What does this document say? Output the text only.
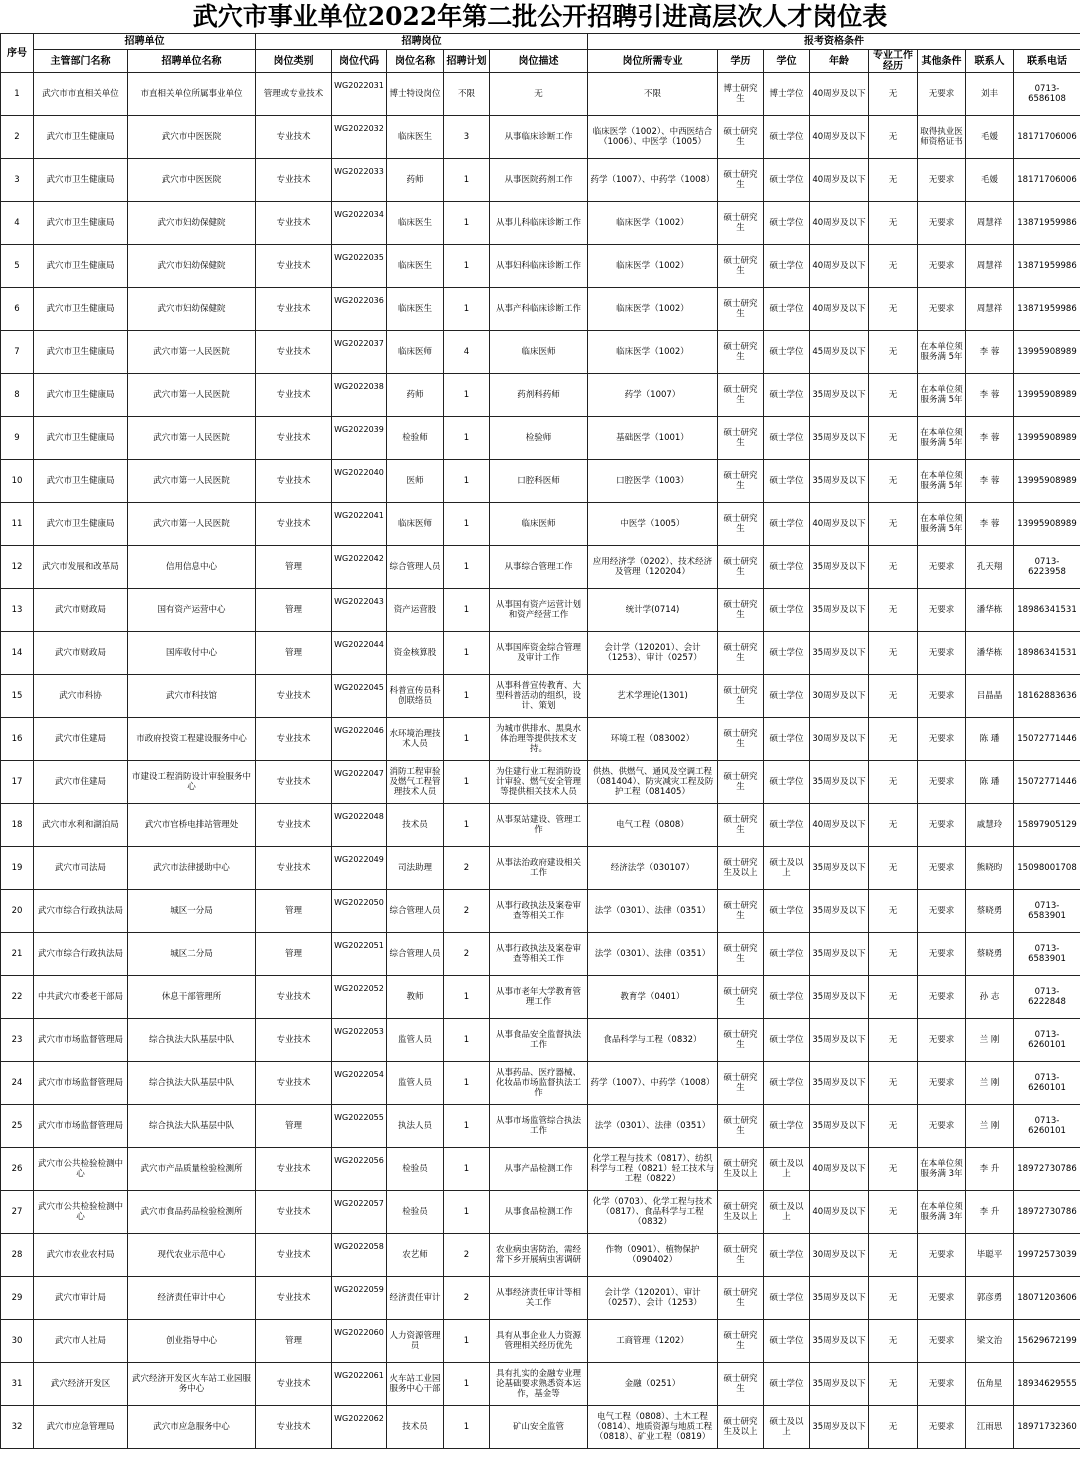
武穴市事业单位2022年第二批公开招聘引进高层次人才岗位表
序号	招聘单位		招聘岗位					报考资格条件							
	主管部门名称	招聘单位名称	岗位类别	岗位代码	岗位名称	招聘计划	岗位描述	岗位所需专业	学历	学位	年龄	专业工作经历	其他条件	联系人	联系电话
1	武穴市市直相关单位	市直相关单位所属事业单位	管理或专业技术	WG2022031	博士特设岗位	不限	无	不限	博士研究生	博士学位	40周岁及以下	无	无要求	刘丰	0713-6586108
2	武穴市卫生健康局	武穴市中医医院	专业技术	WG2022032	临床医生	3	从事临床诊断工作	临床医学（1002）、中西医结合（1006）、中医学（1005）	硕士研究生	硕士学位	40周岁及以下	无	取得执业医师资格证书	毛媛	18171706006
3	武穴市卫生健康局	武穴市中医医院	专业技术	WG2022033	药师	1	从事医院药剂工作	药学（1007）、中药学（1008）	硕士研究生	硕士学位	40周岁及以下	无	无要求	毛媛	18171706006
4	武穴市卫生健康局	武穴市妇幼保健院	专业技术	WG2022034	临床医生	1	从事儿科临床诊断工作	临床医学（1002）	硕士研究生	硕士学位	40周岁及以下	无	无要求	周慧祥	13871959986
5	武穴市卫生健康局	武穴市妇幼保健院	专业技术	WG2022035	临床医生	1	从事妇科临床诊断工作	临床医学（1002）	硕士研究生	硕士学位	40周岁及以下	无	无要求	周慧祥	13871959986
6	武穴市卫生健康局	武穴市妇幼保健院	专业技术	WG2022036	临床医生	1	从事产科临床诊断工作	临床医学（1002）	硕士研究生	硕士学位	40周岁及以下	无	无要求	周慧祥	13871959986
7	武穴市卫生健康局	武穴市第一人民医院	专业技术	WG2022037	临床医师	4	临床医师	临床医学（1002）	硕士研究生	硕士学位	45周岁及以下	无	在本单位须服务满 5年	李 蓉	13995908989
8	武穴市卫生健康局	武穴市第一人民医院	专业技术	WG2022038	药师	1	药剂科药师	药学（1007）	硕士研究生	硕士学位	35周岁及以下	无	在本单位须服务满 5年	李 蓉	13995908989
9	武穴市卫生健康局	武穴市第一人民医院	专业技术	WG2022039	检验师	1	检验师	基础医学（1001）	硕士研究生	硕士学位	35周岁及以下	无	在本单位须服务满 5年	李 蓉	13995908989
10	武穴市卫生健康局	武穴市第一人民医院	专业技术	WG2022040	医师	1	口腔科医师	口腔医学（1003）	硕士研究生	硕士学位	35周岁及以下	无	在本单位须服务满 5年	李 蓉	13995908989
11	武穴市卫生健康局	武穴市第一人民医院	专业技术	WG2022041	临床医师	1	临床医师	中医学（1005）	硕士研究生	硕士学位	40周岁及以下	无	在本单位须服务满 5年	李 蓉	13995908989
12	武穴市发展和改革局	信用信息中心	管理	WG2022042	综合管理人员	1	从事综合管理工作	应用经济学（0202）、技术经济及管理（120204）	硕士研究生	硕士学位	35周岁及以下	无	无要求	孔天翔	0713-6223958
13	武穴市财政局	国有资产运营中心	管理	WG2022043	资产运营股	1	从事国有资产运营计划和资产经营工作	统计学(0714)	硕士研究生	硕士学位	35周岁及以下	无	无要求	潘华栋	18986341531
14	武穴市财政局	国库收付中心	管理	WG2022044	资金核算股	1	从事国库资金综合管理及审计工作	会计学（120201）、会计（1253）、审计（0257）	硕士研究生	硕士学位	35周岁及以下	无	无要求	潘华栋	18986341531
15	武穴市科协	武穴市科技馆	专业技术	WG2022045	科普宣传员科创联络员	1	从事科普宣传教育、大型科普活动的组织，设计、策划	艺术学理论(1301)	硕士研究生	硕士学位	30周岁及以下	无	无要求	吕晶晶	18162883636
16	武穴市住建局	市政府投资工程建设服务中心	专业技术	WG2022046	水环境治理技术人员	1	为城市供排水、黑臭水体治理等提供技术支持。	环境工程（083002）	硕士研究生	硕士学位	30周岁及以下	无	无要求	陈 璠	15072771446
17	武穴市住建局	市建设工程消防设计审验服务中心	专业技术	WG2022047	消防工程审验及燃气工程管理技术人员	1	为住建行业工程消防设计审验、燃气安全管理等提供相关技术人员	供热、供燃气、通风及空调工程（081404）、防灾减灾工程及防护工程（081405）	硕士研究生	硕士学位	35周岁及以下	无	无要求	陈 璠	15072771446
18	武穴市水利和湖泊局	武穴市官桥电排站管理处	专业技术	WG2022048	技术员	1	从事泵站建设、管理工作	电气工程（0808）	硕士研究生	硕士学位	40周岁及以下	无	无要求	戚慧玲	15897905129
19	武穴市司法局	武穴市法律援助中心	专业技术	WG2022049	司法助理	2	从事法治政府建设相关工作	经济法学（030107）	硕士研究生及以上	硕士及以上	35周岁及以下	无	无要求	熊晓昀	15098001708
20	武穴市综合行政执法局	城区一分局	管理	WG2022050	综合管理人员	2	从事行政执法及案卷审查等相关工作	法学（0301）、法律（0351）	硕士研究生	硕士学位	35周岁及以下	无	无要求	蔡晓勇	0713-6583901
21	武穴市综合行政执法局	城区二分局	管理	WG2022051	综合管理人员	2	从事行政执法及案卷审查等相关工作	法学（0301）、法律（0351）	硕士研究生	硕士学位	35周岁及以下	无	无要求	蔡晓勇	0713-6583901
22	中共武穴市委老干部局	休息干部管理所	专业技术	WG2022052	教师	1	从事市老年大学教育管理工作	教育学（0401）	硕士研究生	硕士学位	35周岁及以下	无	无要求	孙 志	0713-6222848
23	武穴市市场监督管理局	综合执法大队基层中队	专业技术	WG2022053	监管人员	1	从事食品安全监督执法工作	食品科学与工程（0832）	硕士研究生	硕士学位	35周岁及以下	无	无要求	兰 刚	0713-6260101
24	武穴市市场监督管理局	综合执法大队基层中队	专业技术	WG2022054	监管人员	1	从事药品、医疗器械、化妆品市场监督执法工作	药学（1007）、中药学（1008）	硕士研究生	硕士学位	35周岁及以下	无	无要求	兰 刚	0713-6260101
25	武穴市市场监督管理局	综合执法大队基层中队	管理	WG2022055	执法人员	1	从事市场监管综合执法工作	法学（0301）、法律（0351）	硕士研究生	硕士学位	35周岁及以下	无	无要求	兰 刚	0713-6260101
26	武穴市公共检验检测中心	武穴市产品质量检验检测所	专业技术	WG2022056	检验员	1	从事产品检测工作	化学工程与技术（0817）、纺织科学与工程（0821）轻工技术与工程（0822）	硕士研究生及以上	硕士及以上	40周岁及以下	无	在本单位须服务满 3年	李 升	18972730786
27	武穴市公共检验检测中心	武穴市食品药品检验检测所	专业技术	WG2022057	检验员	1	从事食品检测工作	化学（0703）、化学工程与技术（0817）、食品科学与工程（0832）	硕士研究生及以上	硕士及以上	40周岁及以下	无	在本单位须服务满 3年	李 升	18972730786
28	武穴市农业农村局	现代农业示范中心	专业技术	WG2022058	农艺师	2	农业病虫害防治，需经常下乡开展病虫害调研	作物（0901）、植物保护（090402）	硕士研究生	硕士学位	30周岁及以下	无	无要求	毕聪平	19972573039
29	武穴市审计局	经济责任审计中心	专业技术	WG2022059	经济责任审计	2	从事经济责任审计等相关工作	会计学（120201）、审计（0257）、会计（1253）	硕士研究生	硕士学位	35周岁及以下	无	无要求	郭彦勇	18071203606
30	武穴市人社局	创业指导中心	管理	WG2022060	人力资源管理员	1	具有从事企业人力资源管理相关经历优先	工商管理（1202）	硕士研究生	硕士学位	35周岁及以下	无	无要求	梁文治	15629672199
31	武穴经济开发区	武穴经济开发区火车站工业园服务中心	专业技术	WG2022061	火车站工业园服务中心干部	1	具有扎实的金融专业理论基础要求熟悉资本运作，基金等	金融（0251）	硕士研究生	硕士学位	35周岁及以下	无	无要求	伍角星	18934629555
32	武穴市应急管理局	武穴市应急服务中心	专业技术	WG2022062	技术员	1	矿山安全监管	电气工程（0808）、土木工程（0814）、地质资源与地质工程（0818）、矿业工程（0819）	硕士研究生及以上	硕士及以上	35周岁及以下	无	无要求	江雨思	18971732360
